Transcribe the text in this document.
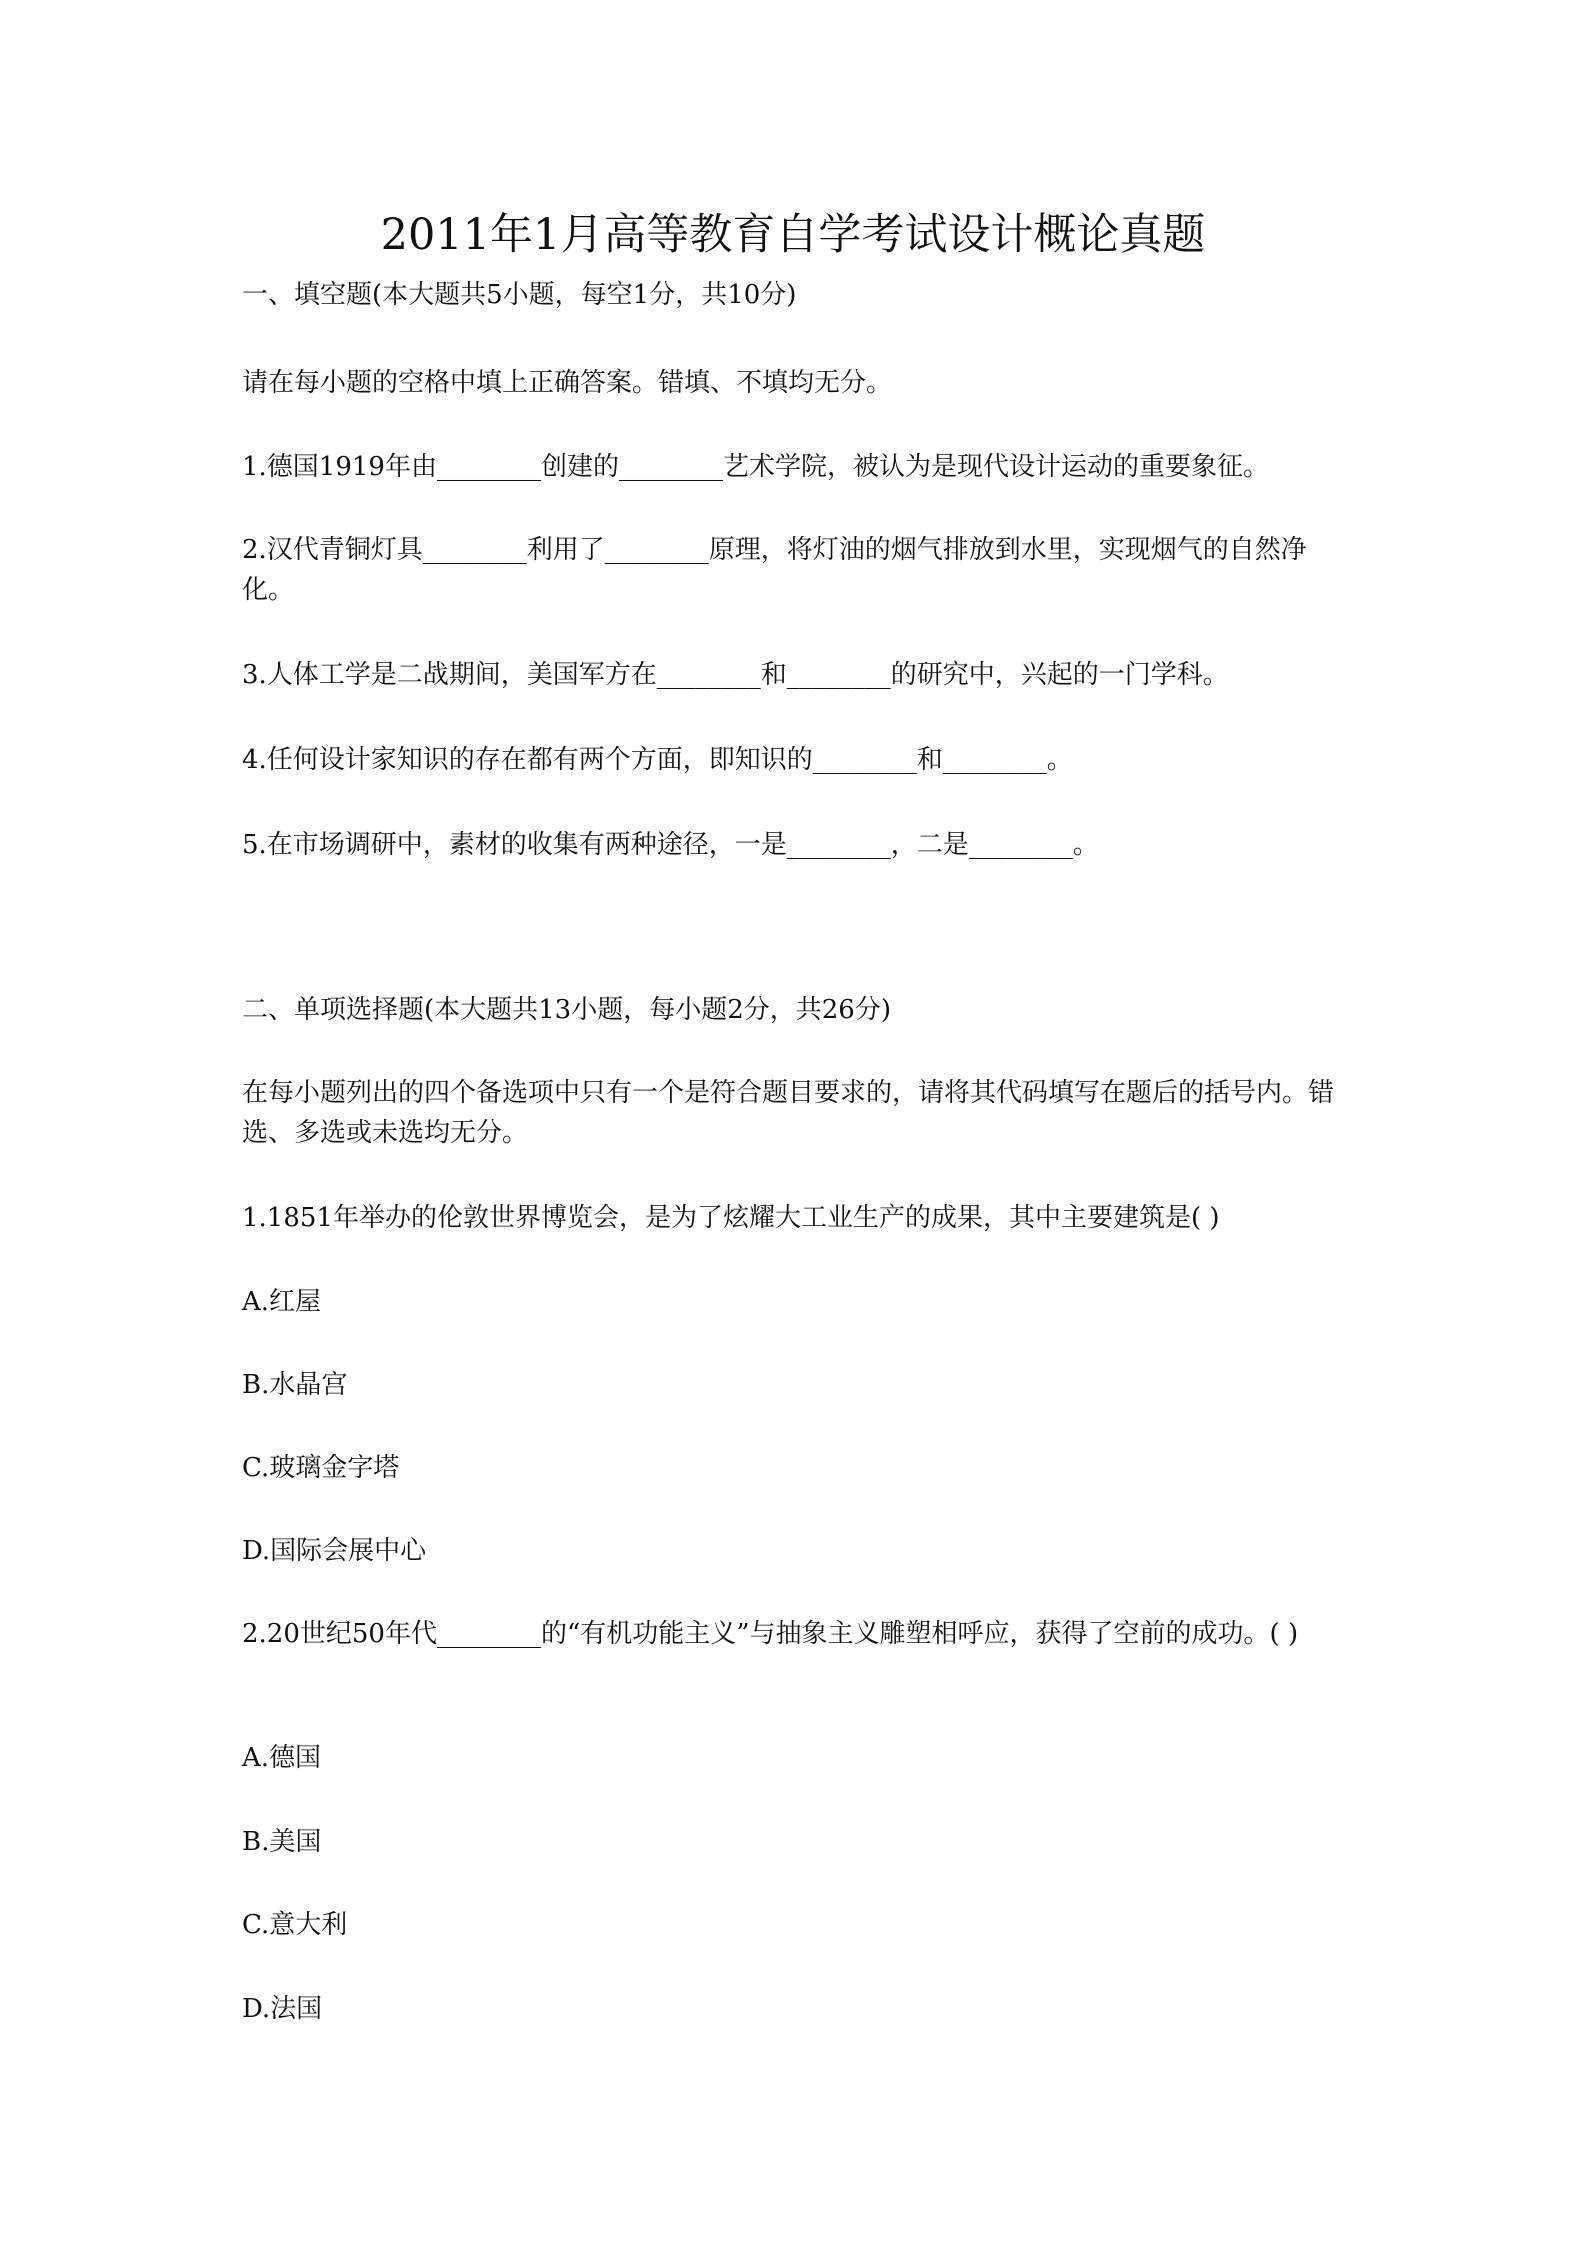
2011年1月高等教育自学考试设计概论真题
一、填空题(本大题共5小题，每空1分，共10分)
请在每小题的空格中填上正确答案。错填、不填均无分。
1.德国1919年由________创建的________艺术学院，被认为是现代设计运动的重要象征。
2.汉代青铜灯具________利用了________原理，将灯油的烟气排放到水里，实现烟气的自然净化。
3.人体工学是二战期间，美国军方在________和________的研究中，兴起的一门学科。
4.任何设计家知识的存在都有两个方面，即知识的________和________。
5.在市场调研中，素材的收集有两种途径，一是________，二是________。
二、单项选择题(本大题共13小题，每小题2分，共26分)
在每小题列出的四个备选项中只有一个是符合题目要求的，请将其代码填写在题后的括号内。错选、多选或未选均无分。
1.1851年举办的伦敦世界博览会，是为了炫耀大工业生产的成果，其中主要建筑是( )
A.红屋
B.水晶宫
C.玻璃金字塔
D.国际会展中心
2.20世纪50年代________的“有机功能主义”与抽象主义雕塑相呼应，获得了空前的成功。( )
A.德国
B.美国
C.意大利
D.法国
